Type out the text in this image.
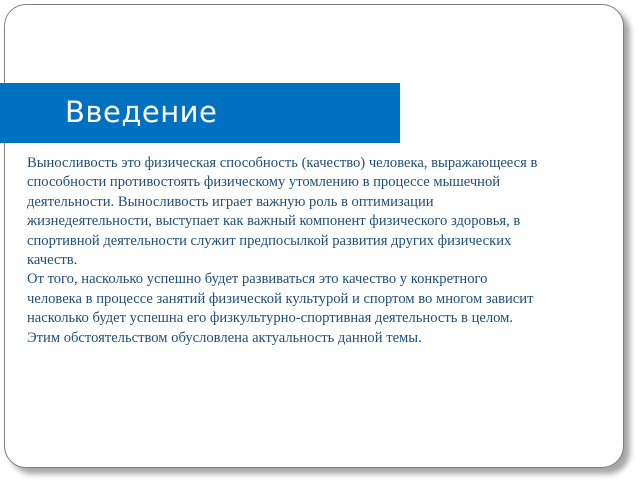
Введение

Выносливость это физическая способность (качество) человека, выражающееся в способности противостоять физическому утомлению в процессе мышечной деятельности. Выносливость играет важную роль в оптимизации жизнедеятельности, выступает как важный компонент физического здоровья, в спортивной деятельности служит предпосылкой развития других физических качеств.

От того, насколько успешно будет развиваться это качество у конкретного человека в процессе занятий физической культурой и спортом во многом зависит насколько будет успешна его физкультурно-спортивная деятельность в целом. Этим обстоятельством обусловлена актуальность данной темы.
